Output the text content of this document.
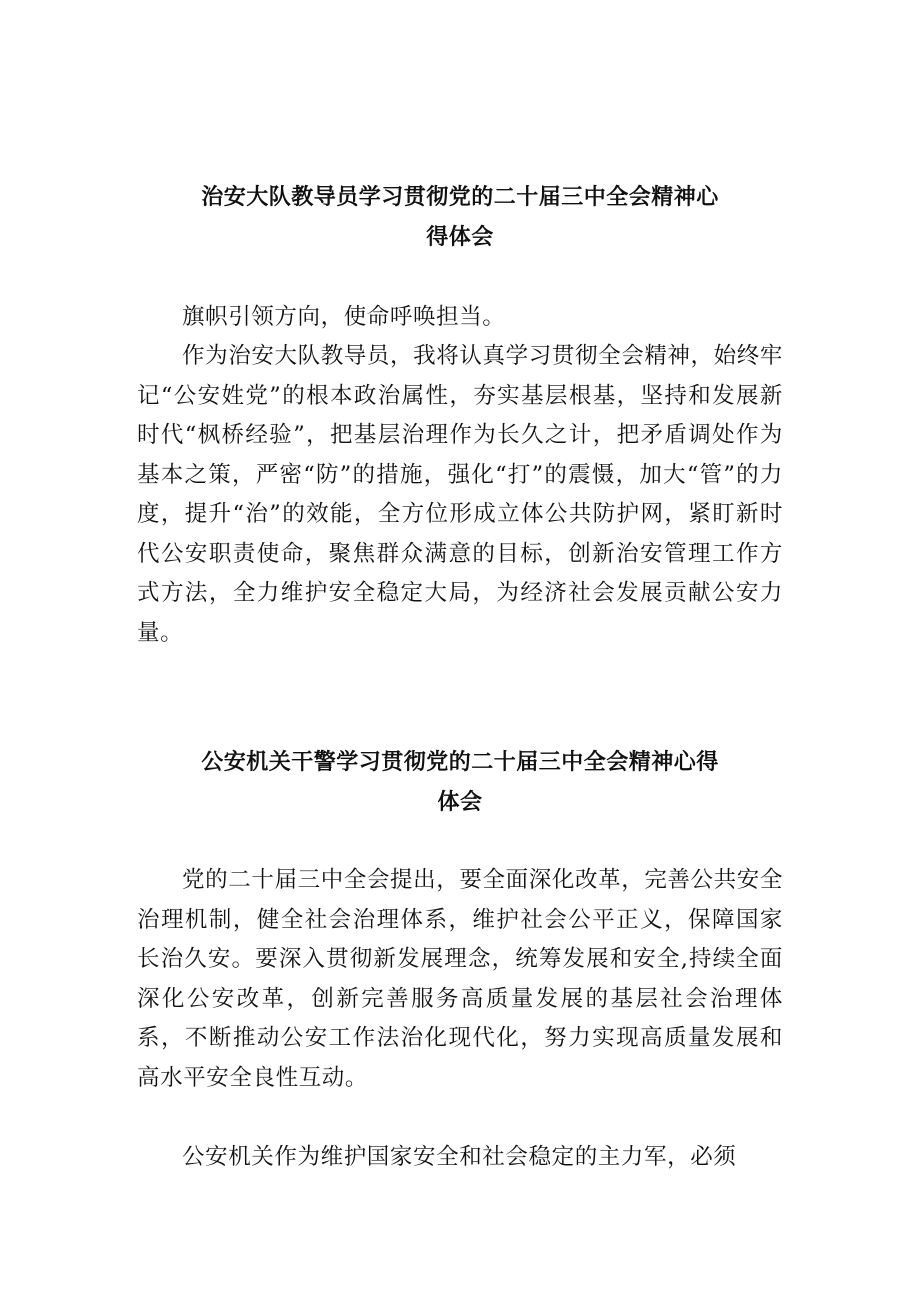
治安大队教导员学习贯彻党的二十届三中全会精神心
得体会

旗帜引领方向，使命呼唤担当。

作为治安大队教导员，我将认真学习贯彻全会精神，始终牢记“公安姓党”的根本政治属性，夯实基层根基，坚持和发展新时代“枫桥经验”，把基层治理作为长久之计，把矛盾调处作为基本之策，严密“防”的措施，强化“打”的震慑，加大“管”的力度，提升“治”的效能，全方位形成立体公共防护网，紧盯新时代公安职责使命，聚焦群众满意的目标，创新治安管理工作方式方法，全力维护安全稳定大局，为经济社会发展贡献公安力量。

公安机关干警学习贯彻党的二十届三中全会精神心得
体会

党的二十届三中全会提出，要全面深化改革，完善公共安全治理机制，健全社会治理体系，维护社会公平正义，保障国家长治久安。要深入贯彻新发展理念，统筹发展和安全,持续全面深化公安改革，创新完善服务高质量发展的基层社会治理体系，不断推动公安工作法治化现代化，努力实现高质量发展和高水平安全良性互动。

公安机关作为维护国家安全和社会稳定的主力军，必须
